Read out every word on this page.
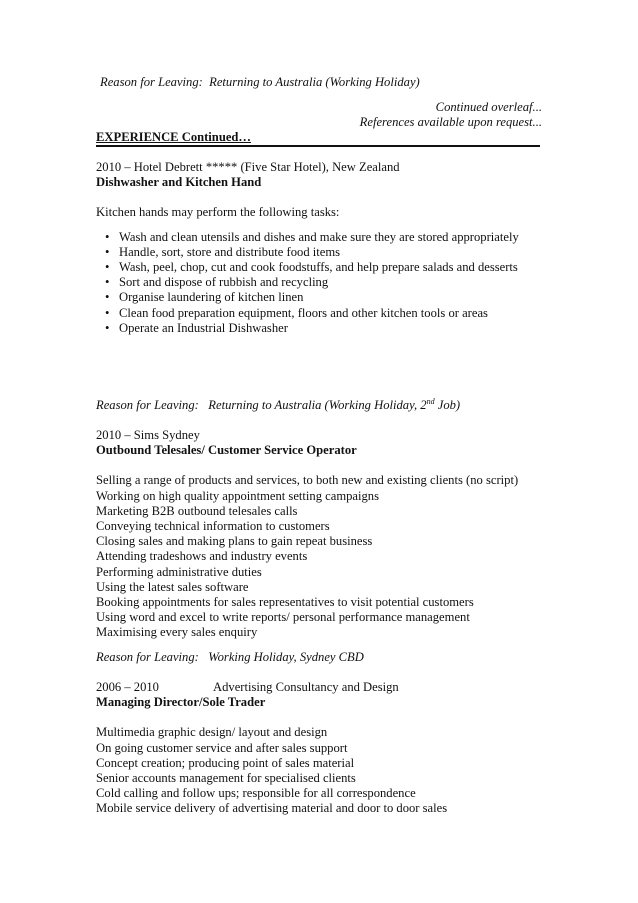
Reason for Leaving: Returning to Australia (Working Holiday)
Continued overleaf...
References available upon request...
EXPERIENCE Continued…
2010 – Hotel Debrett ***** (Five Star Hotel), New Zealand
Dishwasher and Kitchen Hand
Kitchen hands may perform the following tasks:
• Wash and clean utensils and dishes and make sure they are stored appropriately
• Handle, sort, store and distribute food items
• Wash, peel, chop, cut and cook foodstuffs, and help prepare salads and desserts
• Sort and dispose of rubbish and recycling
• Organise laundering of kitchen linen
• Clean food preparation equipment, floors and other kitchen tools or areas
• Operate an Industrial Dishwasher
Reason for Leaving: Returning to Australia (Working Holiday, 2nd Job)
2010 – Sims Sydney
Outbound Telesales/ Customer Service Operator
Selling a range of products and services, to both new and existing clients (no script)
Working on high quality appointment setting campaigns
Marketing B2B outbound telesales calls
Conveying technical information to customers
Closing sales and making plans to gain repeat business
Attending tradeshows and industry events
Performing administrative duties
Using the latest sales software
Booking appointments for sales representatives to visit potential customers
Using word and excel to write reports/ personal performance management
Maximising every sales enquiry
Reason for Leaving: Working Holiday, Sydney CBD
2006 – 2010	Advertising Consultancy and Design
Managing Director/Sole Trader
Multimedia graphic design/ layout and design
On going customer service and after sales support
Concept creation; producing point of sales material
Senior accounts management for specialised clients
Cold calling and follow ups; responsible for all correspondence
Mobile service delivery of advertising material and door to door sales
